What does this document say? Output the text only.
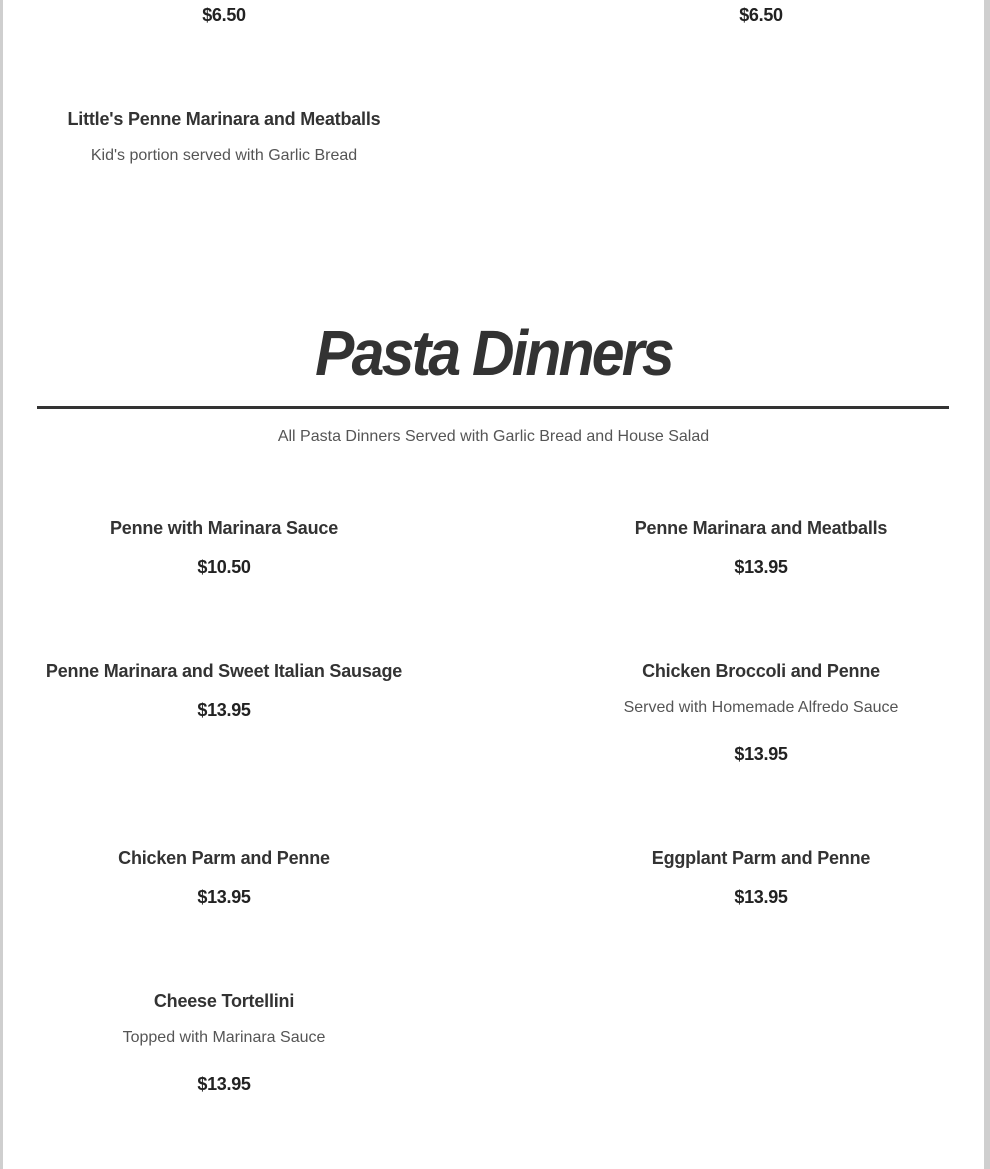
$6.50	$6.50
Little's Penne Marinara and Meatballs
Kid's portion served with Garlic Bread
Pasta Dinners
All Pasta Dinners Served with Garlic Bread and House Salad
Penne with Marinara Sauce
$10.50
Penne Marinara and Meatballs
$13.95
Penne Marinara and Sweet Italian Sausage
$13.95
Chicken Broccoli and Penne
Served with Homemade Alfredo Sauce
$13.95
Chicken Parm and Penne
$13.95
Eggplant Parm and Penne
$13.95
Cheese Tortellini
Topped with Marinara Sauce
$13.95
